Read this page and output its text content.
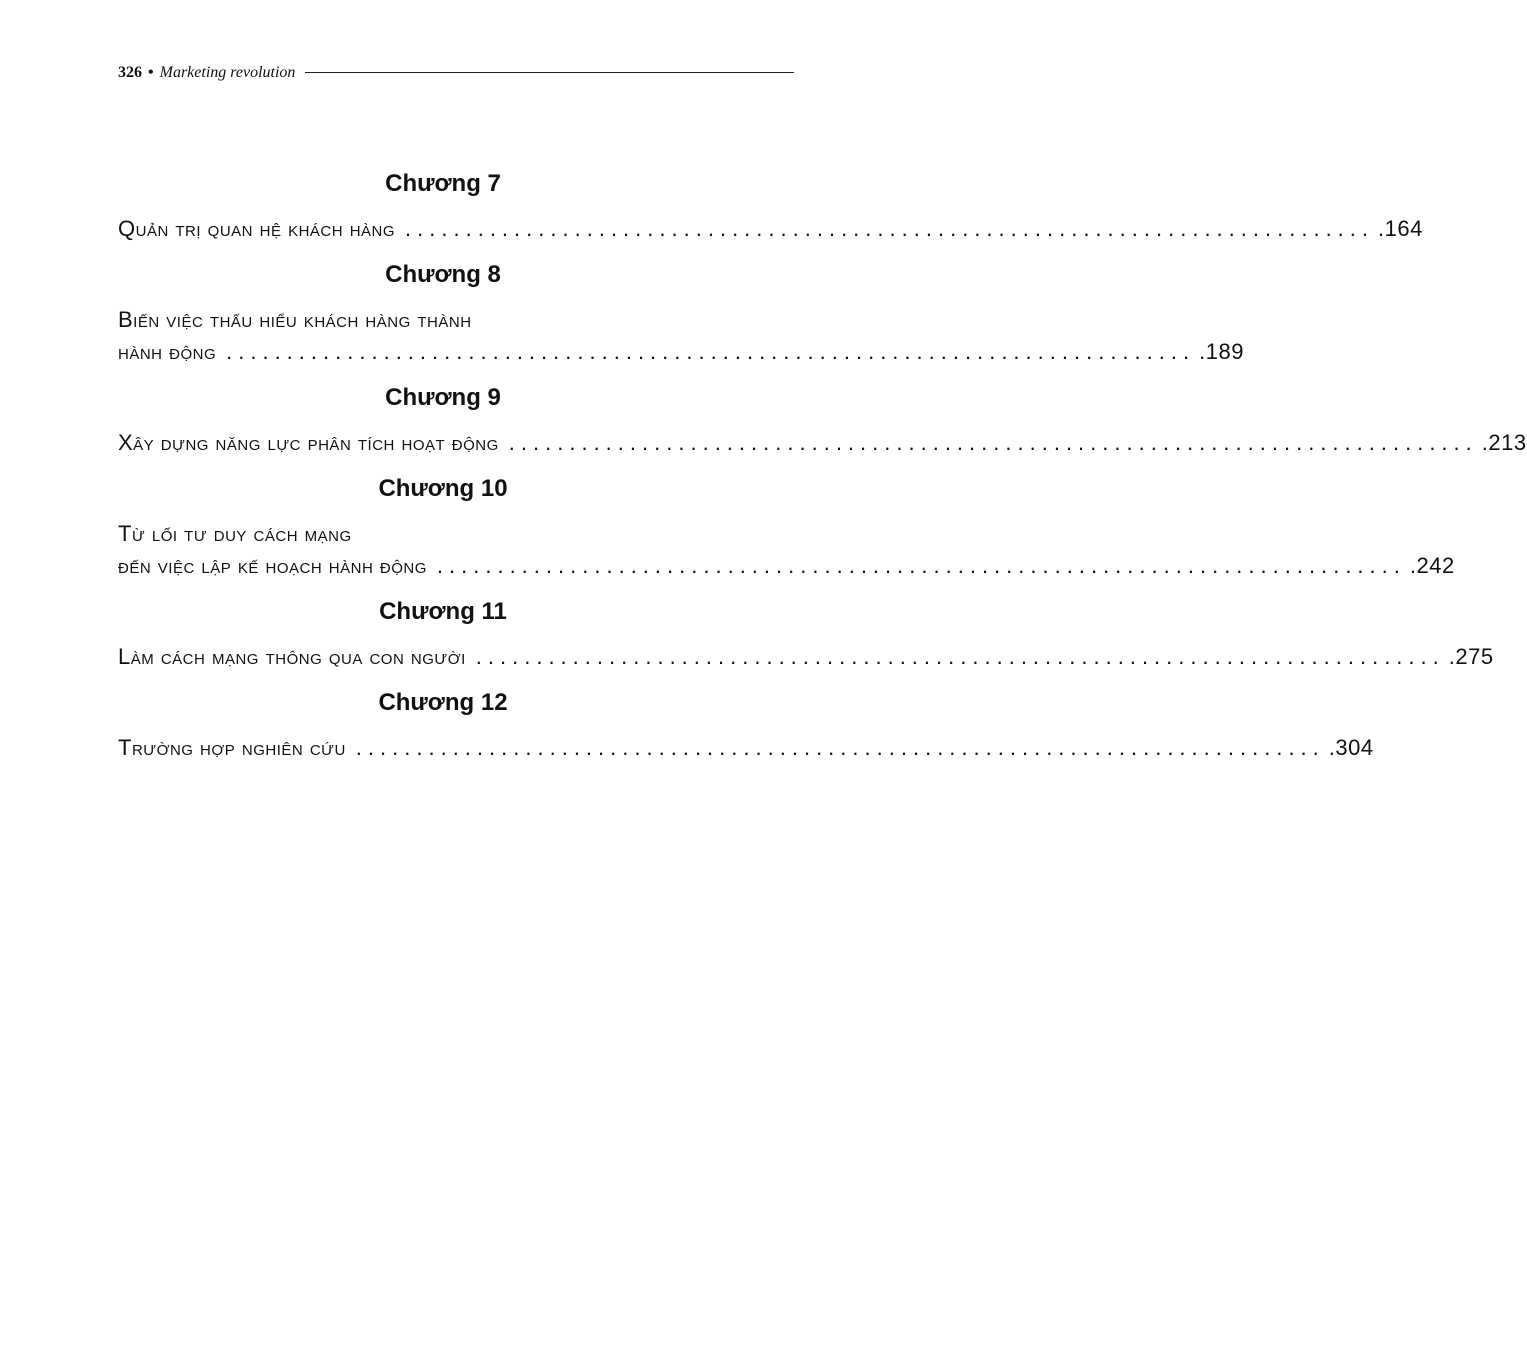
326 • Marketing revolution
Chương 7
Quản trị quan hệ khách hàng ................................................................................ .164
Chương 8
Biến việc thấu hiểu khách hàng thành
hành động ................................................................................ .189
Chương 9
Xây dựng năng lực phân tích hoạt động ................................................................................ .213
Chương 10
Từ lối tư duy cách mạng
đến việc lập kế hoạch hành động ................................................................................ .242
Chương 11
Làm cách mạng thông qua con người ................................................................................ .275
Chương 12
Trường hợp nghiên cứu ................................................................................ .304
